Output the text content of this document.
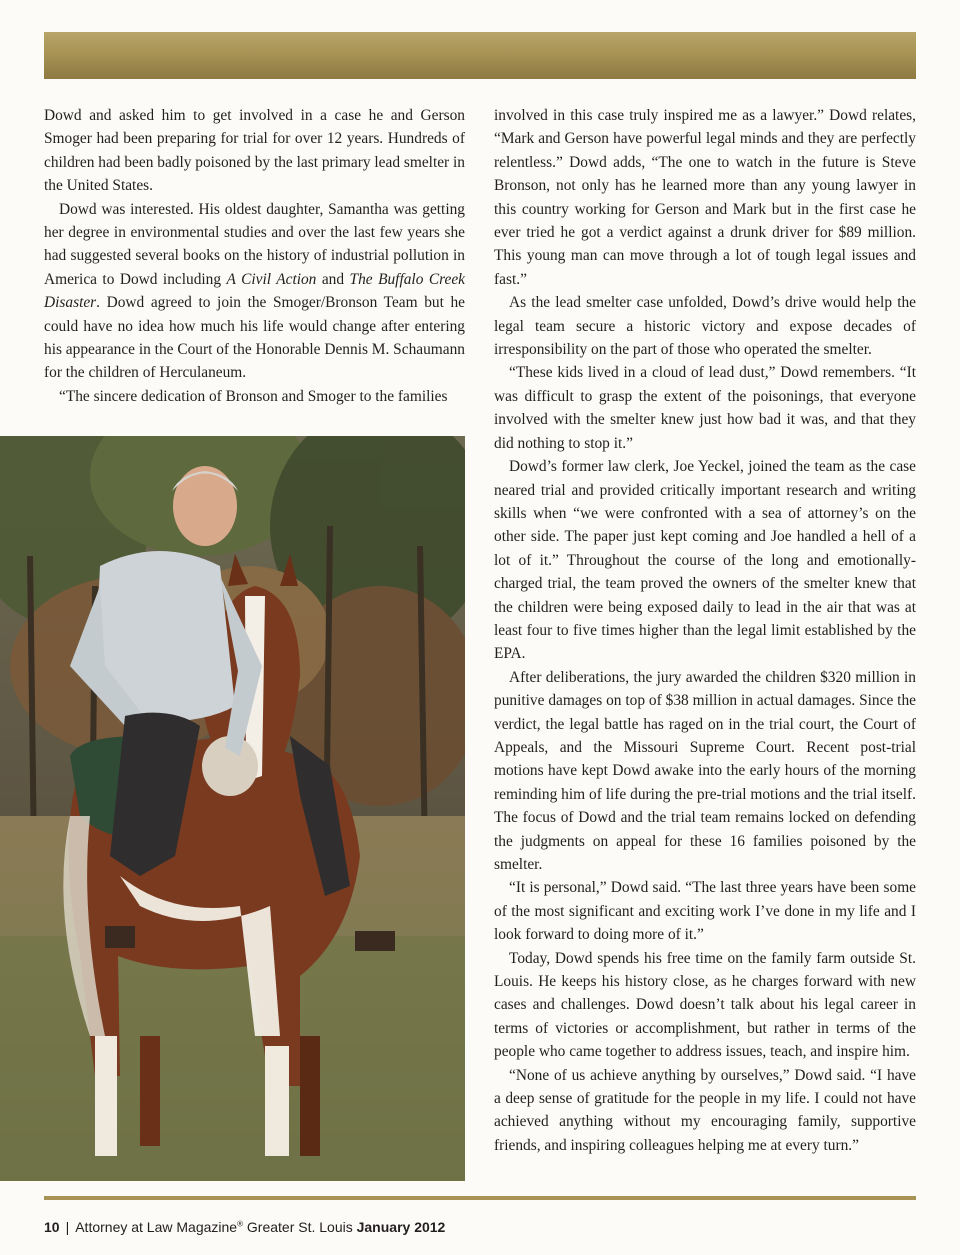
Dowd and asked him to get involved in a case he and Gerson Smoger had been preparing for trial for over 12 years. Hundreds of children had been badly poisoned by the last primary lead smelter in the United States.

Dowd was interested. His oldest daughter, Samantha was getting her degree in environmental studies and over the last few years she had suggested several books on the history of industrial pollution in America to Dowd including A Civil Action and The Buffalo Creek Disaster. Dowd agreed to join the Smoger/Bronson Team but he could have no idea how much his life would change after entering his appearance in the Court of the Honorable Dennis M. Schaumann for the children of Herculaneum.

“The sincere dedication of Bronson and Smoger to the families

involved in this case truly inspired me as a lawyer.” Dowd relates, “Mark and Gerson have powerful legal minds and they are perfectly relentless.” Dowd adds, “The one to watch in the future is Steve Bronson, not only has he learned more than any young lawyer in this country working for Gerson and Mark but in the first case he ever tried he got a verdict against a drunk driver for $89 million. This young man can move through a lot of tough legal issues and fast.”

As the lead smelter case unfolded, Dowd’s drive would help the legal team secure a historic victory and expose decades of irresponsibility on the part of those who operated the smelter.

“These kids lived in a cloud of lead dust,” Dowd remembers. “It was difficult to grasp the extent of the poisonings, that everyone involved with the smelter knew just how bad it was, and that they did nothing to stop it.”

Dowd’s former law clerk, Joe Yeckel, joined the team as the case neared trial and provided critically important research and writing skills when “we were confronted with a sea of attorney’s on the other side. The paper just kept coming and Joe handled a hell of a lot of it.” Throughout the course of the long and emotionally-charged trial, the team proved the owners of the smelter knew that the children were being exposed daily to lead in the air that was at least four to five times higher than the legal limit established by the EPA.

After deliberations, the jury awarded the children $320 million in punitive damages on top of $38 million in actual damages. Since the verdict, the legal battle has raged on in the trial court, the Court of Appeals, and the Missouri Supreme Court. Recent post-trial motions have kept Dowd awake into the early hours of the morning reminding him of life during the pre-trial motions and the trial itself. The focus of Dowd and the trial team remains locked on defending the judgments on appeal for these 16 families poisoned by the smelter.

“It is personal,” Dowd said. “The last three years have been some of the most significant and exciting work I’ve done in my life and I look forward to doing more of it.”

Today, Dowd spends his free time on the family farm outside St. Louis. He keeps his history close, as he charges forward with new cases and challenges. Dowd doesn’t talk about his legal career in terms of victories or accomplishment, but rather in terms of the people who came together to address issues, teach, and inspire him.

“None of us achieve anything by ourselves,” Dowd said. “I have a deep sense of gratitude for the people in my life. I could not have achieved anything without my encouraging family, supportive friends, and inspiring colleagues helping me at every turn.”

10 | Attorney at Law Magazine® Greater St. Louis January 2012
